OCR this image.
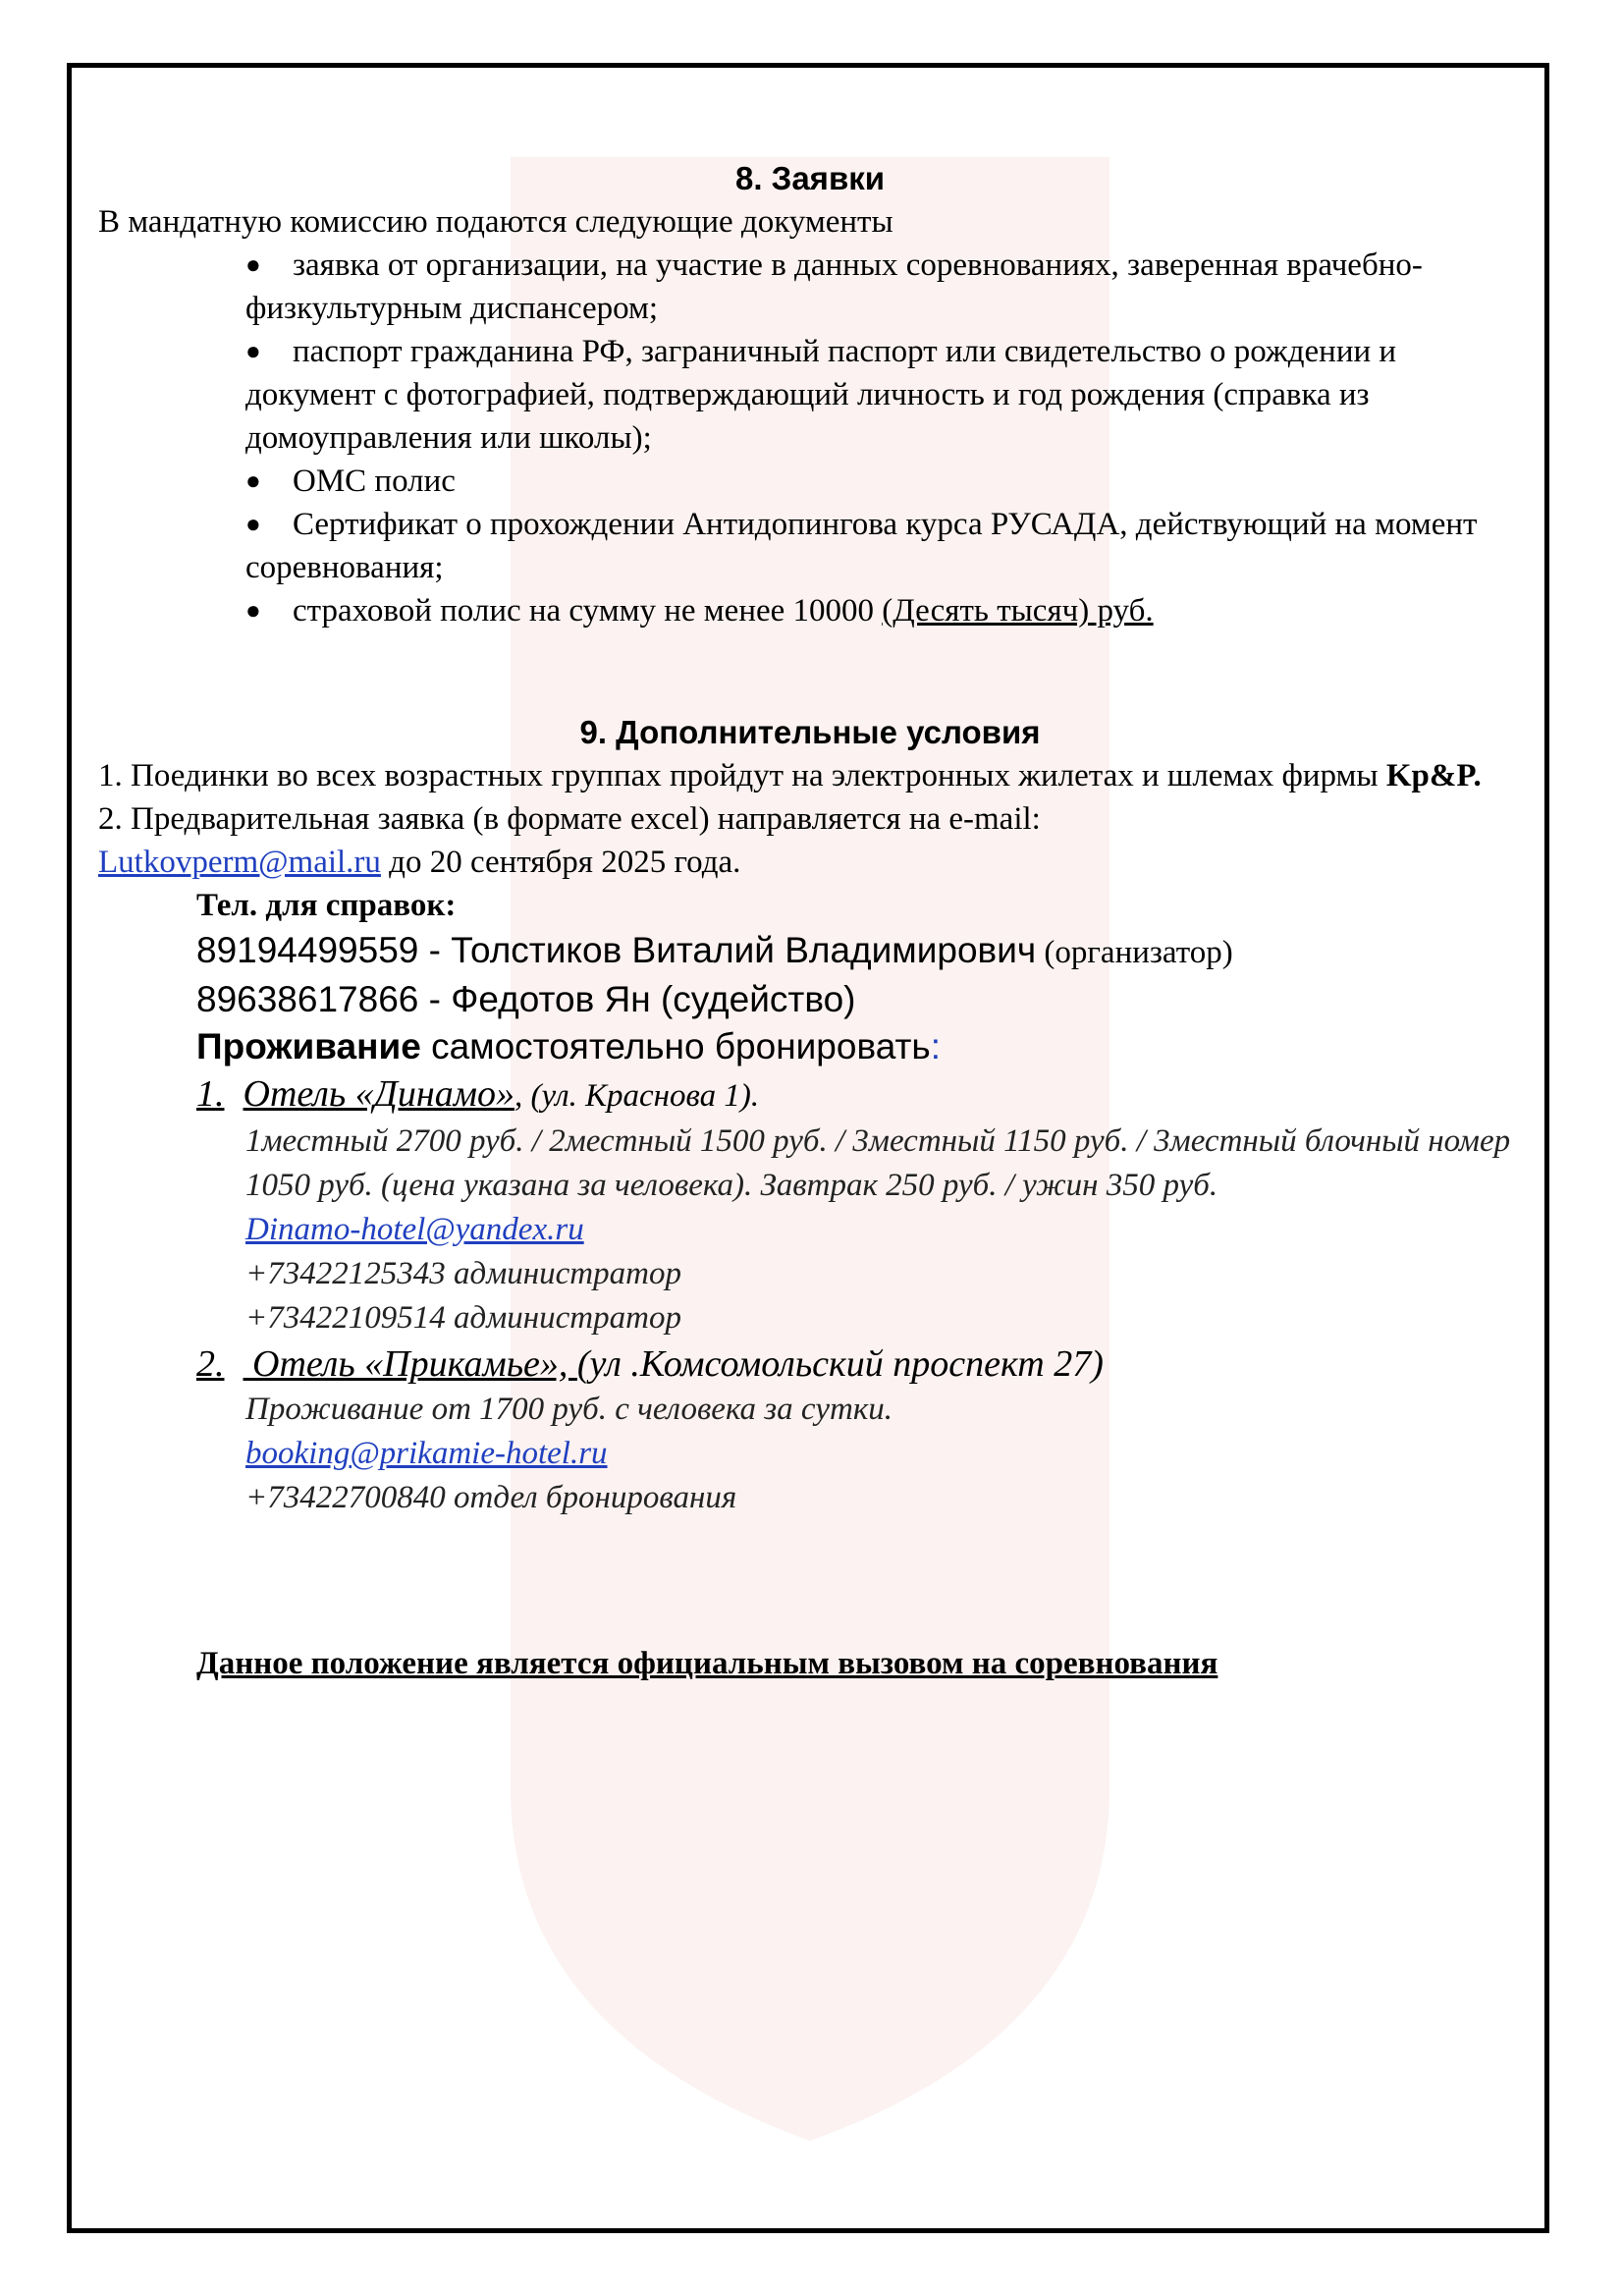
8. Заявки
В мандатную комиссию подаются следующие документы
● заявка от организации, на участие в данных соревнованиях, заверенная врачебно-физкультурным диспансером;
● паспорт гражданина РФ, заграничный паспорт или свидетельство о рождении и документ с фотографией, подтверждающий личность и год рождения (справка из домоуправления или школы);
● ОМС полис
● Сертификат о прохождении Антидопингова курса РУСАДА, действующий на момент соревнования;
● страховой полис на сумму не менее 10000 (Десять тысяч) руб.
9. Дополнительные условия
1. Поединки во всех возрастных группах пройдут на электронных жилетах и шлемах фирмы Kp&P.
2. Предварительная заявка (в формате excel) направляется на e-mail:
Lutkovperm@mail.ru до 20 сентября 2025 года.
Тел. для справок:
89194499559 - Толстиков Виталий Владимирович (организатор)
89638617866 - Федотов Ян (судейство)
Проживание самостоятельно бронировать:
1. Отель «Динамо», (ул. Краснова 1).
1местный 2700 руб. / 2местный 1500 руб. / 3местный 1150 руб. / 3местный блочный номер 1050 руб. (цена указана за человека). Завтрак 250 руб. / ужин 350 руб.
Dinamo-hotel@yandex.ru
+73422125343 администратор
+73422109514 администратор
2.   Отель «Прикамье», (ул .Комсомольский проспект 27)
Проживание от 1700 руб. с человека за сутки.
booking@prikamie-hotel.ru
+73422700840 отдел бронирования
Данное положение является официальным вызовом на соревнования
